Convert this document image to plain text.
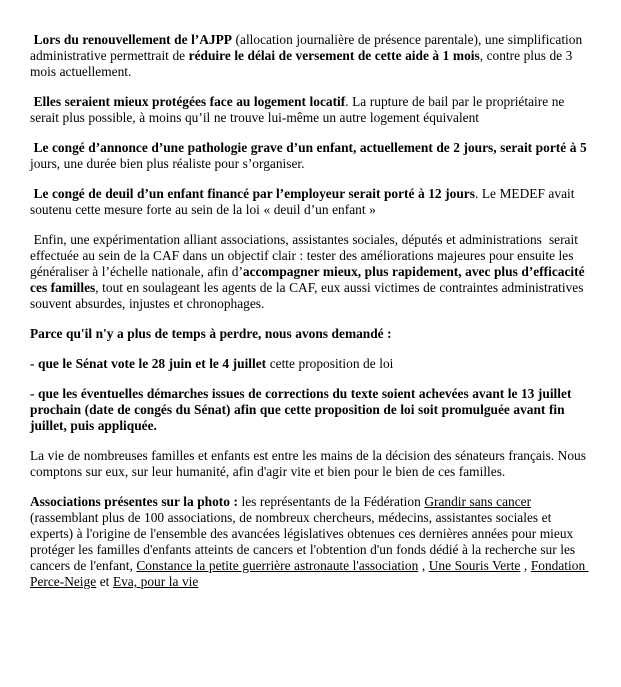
Lors du renouvellement de l’AJPP (allocation journalière de présence parentale), une simplification administrative permettrait de réduire le délai de versement de cette aide à 1 mois, contre plus de 3 mois actuellement.

Elles seraient mieux protégées face au logement locatif. La rupture de bail par le propriétaire ne serait plus possible, à moins qu’il ne trouve lui-même un autre logement équivalent

Le congé d’annonce d’une pathologie grave d’un enfant, actuellement de 2 jours, serait porté à 5 jours, une durée bien plus réaliste pour s’organiser.

Le congé de deuil d’un enfant financé par l’employeur serait porté à 12 jours. Le MEDEF avait soutenu cette mesure forte au sein de la loi « deuil d’un enfant »

Enfin, une expérimentation alliant associations, assistantes sociales, députés et administrations  serait effectuée au sein de la CAF dans un objectif clair : tester des améliorations majeures pour ensuite les généraliser à l’échelle nationale, afin d’accompagner mieux, plus rapidement, avec plus d’efficacité ces familles, tout en soulageant les agents de la CAF, eux aussi victimes de contraintes administratives souvent absurdes, injustes et chronophages.

Parce qu'il n'y a plus de temps à perdre, nous avons demandé :

- que le Sénat vote le 28 juin et le 4 juillet cette proposition de loi

- que les éventuelles démarches issues de corrections du texte soient achevées avant le 13 juillet prochain (date de congés du Sénat) afin que cette proposition de loi soit promulguée avant fin juillet, puis appliquée.

La vie de nombreuses familles et enfants est entre les mains de la décision des sénateurs français. Nous comptons sur eux, sur leur humanité, afin d'agir vite et bien pour le bien de ces familles.

Associations présentes sur la photo : les représentants de la Fédération Grandir sans cancer (rassemblant plus de 100 associations, de nombreux chercheurs, médecins, assistantes sociales et experts) à l'origine de l'ensemble des avancées législatives obtenues ces dernières années pour mieux protéger les familles d'enfants atteints de cancers et l'obtention d'un fonds dédié à la recherche sur les cancers de l'enfant, Constance la petite guerrière astronaute l'association , Une Souris Verte , Fondation Perce-Neige et Eva, pour la vie
